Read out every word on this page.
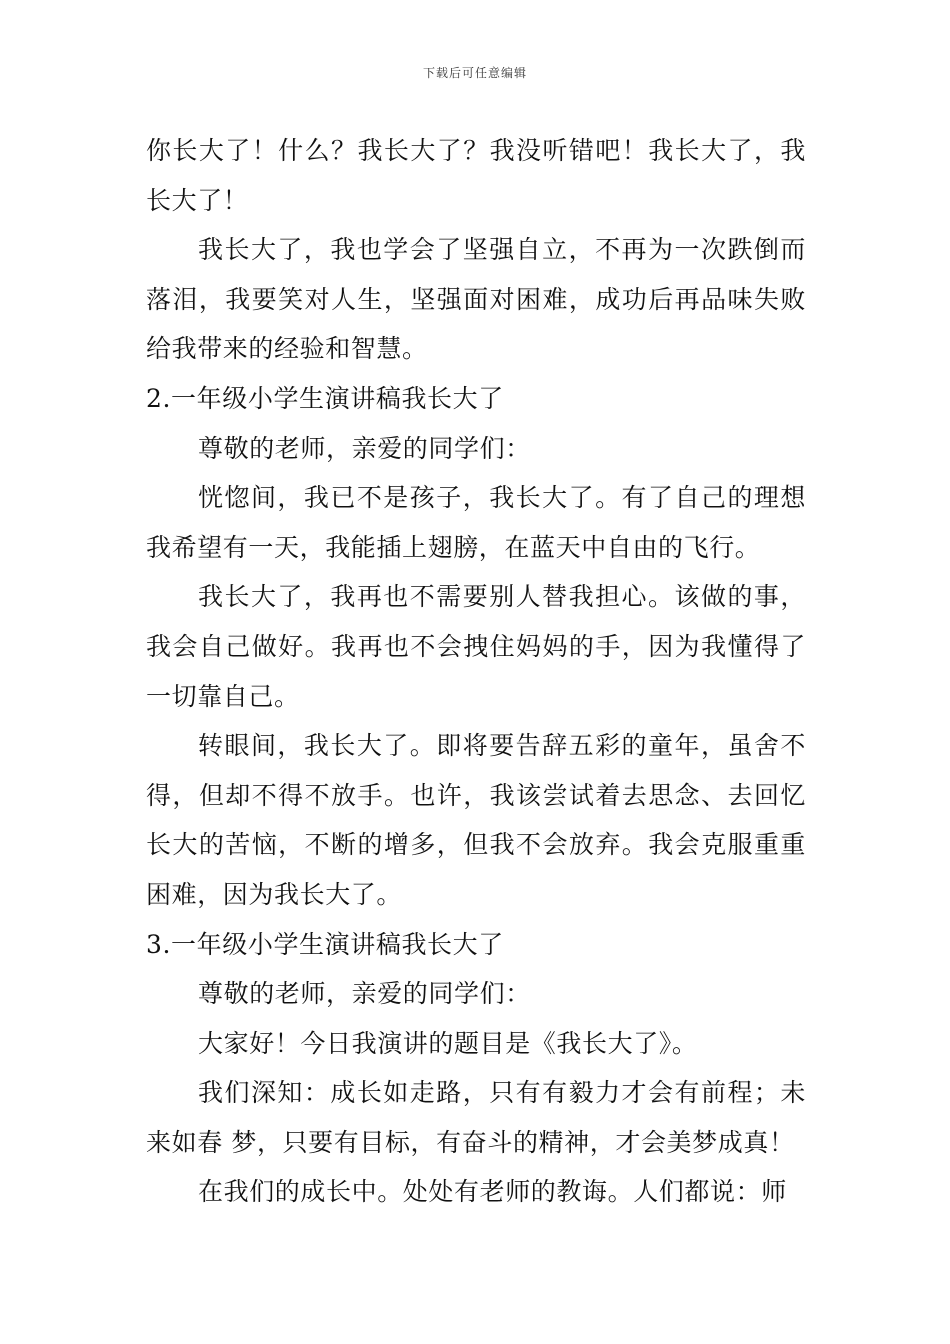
下载后可任意编辑

你长大了！什么？我长大了？我没听错吧！我长大了，我长大了！

我长大了，我也学会了坚强自立，不再为一次跌倒而落泪，我要笑对人生，坚强面对困难，成功后再品味失败给我带来的经验和智慧。

2.一年级小学生演讲稿我长大了

尊敬的老师，亲爱的同学们：

恍惚间，我已不是孩子，我长大了。有了自己的理想我希望有一天，我能插上翅膀，在蓝天中自由的飞行。

我长大了，我再也不需要别人替我担心。该做的事，我会自己做好。我再也不会拽住妈妈的手，因为我懂得了一切靠自己。

转眼间，我长大了。即将要告辞五彩的童年，虽舍不得，但却不得不放手。也许，我该尝试着去思念、去回忆长大的苦恼，不断的增多，但我不会放弃。我会克服重重困难，因为我长大了。

3.一年级小学生演讲稿我长大了

尊敬的老师，亲爱的同学们：

大家好！今日我演讲的题目是《我长大了》。

我们深知：成长如走路，只有有毅力才会有前程；未来如春 梦，只要有目标，有奋斗的精神，才会美梦成真！

在我们的成长中。处处有老师的教诲。人们都说：师
